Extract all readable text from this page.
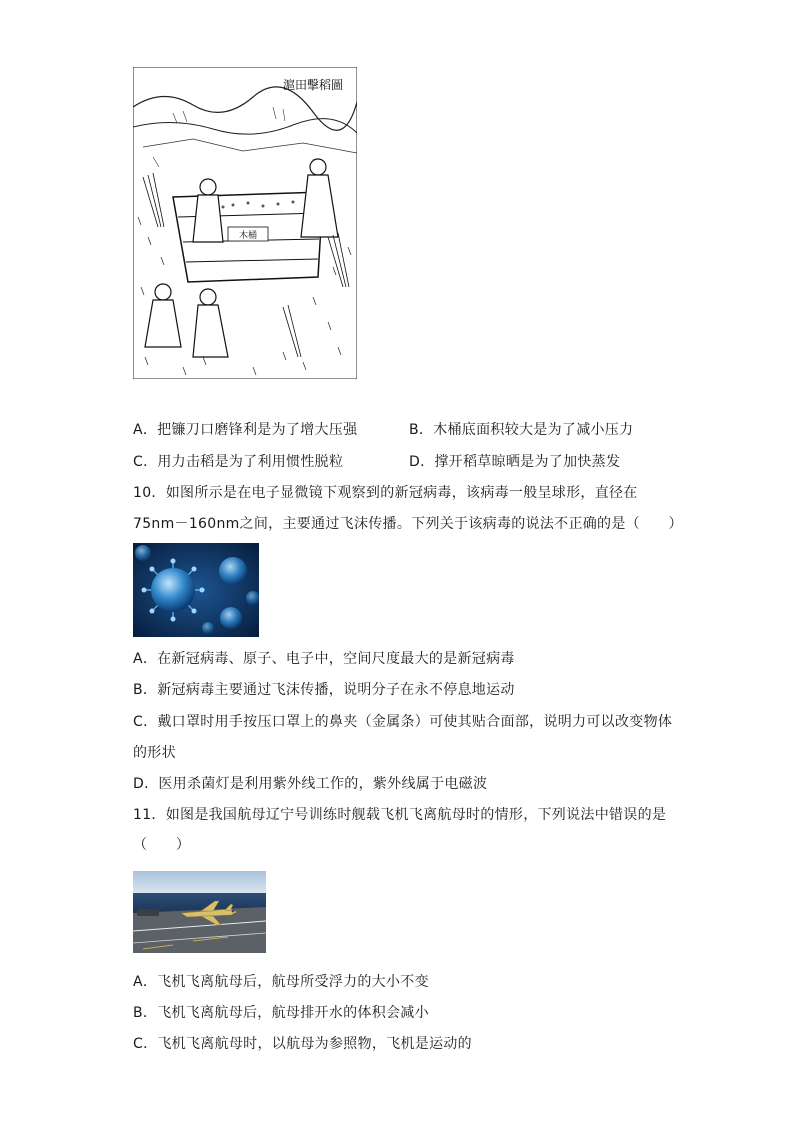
滬田擊稻圖
木桶
A．把镰刀口磨锋利是为了增大压强	B．木桶底面积较大是为了减小压力
C．用力击稻是为了利用惯性脱粒	D．撑开稻草晾晒是为了加快蒸发
10．如图所示是在电子显微镜下观察到的新冠病毒，该病毒一般呈球形，直径在
75nm－160nm之间，主要通过飞沫传播。下列关于该病毒的说法不正确的是（　　）
A．在新冠病毒、原子、电子中，空间尺度最大的是新冠病毒
B．新冠病毒主要通过飞沫传播，说明分子在永不停息地运动
C．戴口罩时用手按压口罩上的鼻夹（金属条）可使其贴合面部，说明力可以改变物体
的形状
D．医用杀菌灯是利用紫外线工作的，紫外线属于电磁波
11．如图是我国航母辽宁号训练时舰载飞机飞离航母时的情形，下列说法中错误的是
（　　）
A．飞机飞离航母后，航母所受浮力的大小不变
B．飞机飞离航母后，航母排开水的体积会减小
C．飞机飞离航母时，以航母为参照物，飞机是运动的
